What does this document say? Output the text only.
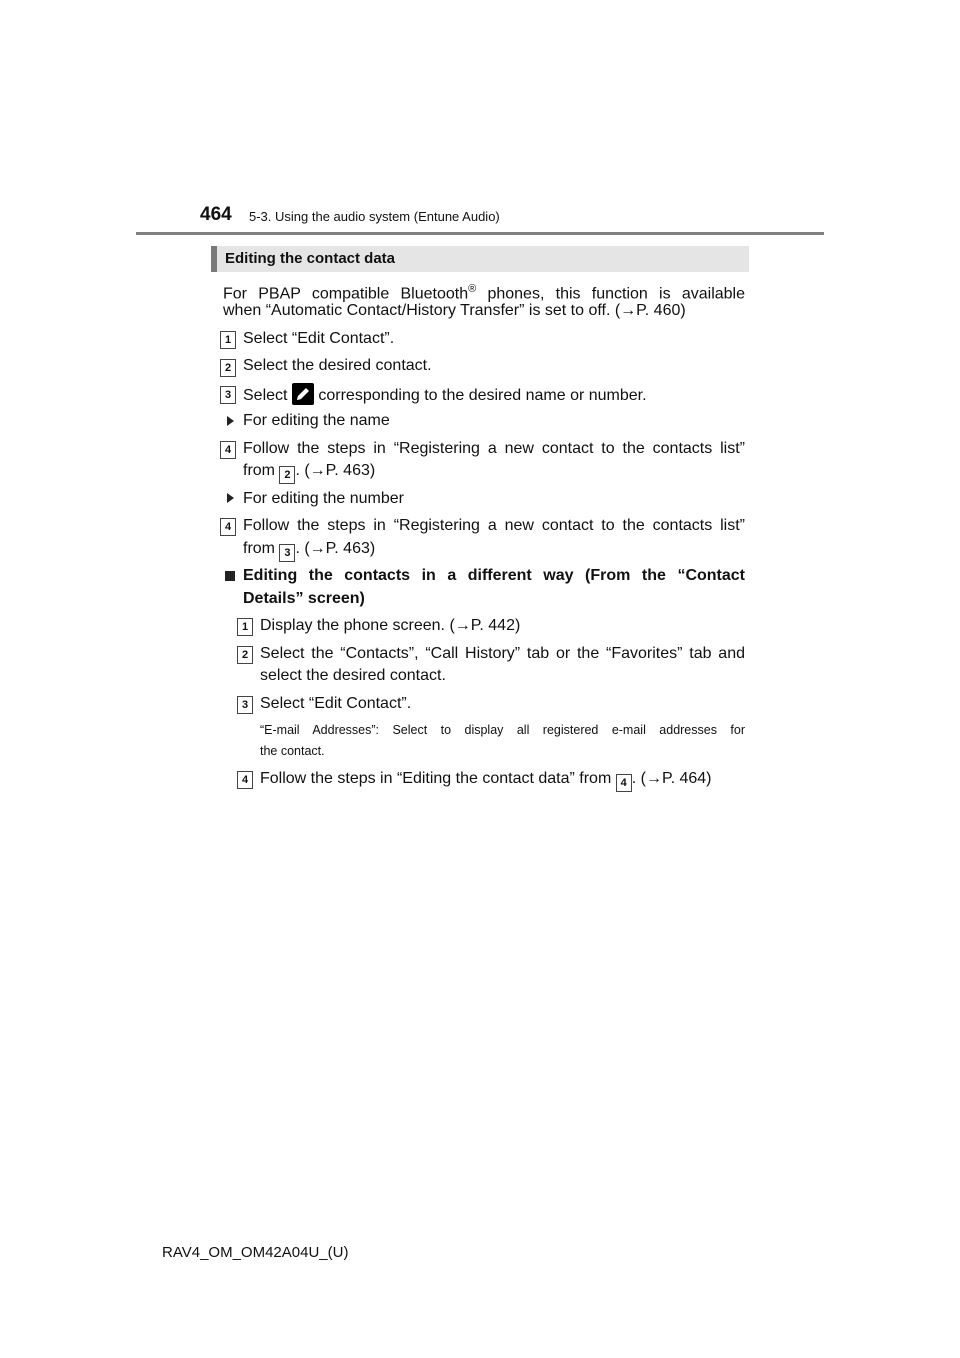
464 5-3. Using the audio system (Entune Audio)
Editing the contact data
For PBAP compatible Bluetooth® phones, this function is available
when “Automatic Contact/History Transfer” is set to off. (→P. 460)
1 Select “Edit Contact”.
2 Select the desired contact.
3 Select  corresponding to the desired name or number.
For editing the name
4 Follow the steps in “Registering a new contact to the contacts list”
from 2 . (→P. 463)
For editing the number
4 Follow the steps in “Registering a new contact to the contacts list”
from 3 . (→P. 463)
Editing the contacts in a different way (From the “Contact
Details” screen)
1 Display the phone screen. (→P. 442)
2 Select the “Contacts”, “Call History” tab or the “Favorites” tab and
select the desired contact.
3 Select “Edit Contact”.
“E-mail Addresses”: Select to display all registered e-mail addresses for
the contact.
4 Follow the steps in “Editing the contact data” from 4 . (→P. 464)
RAV4_OM_OM42A04U_(U)
